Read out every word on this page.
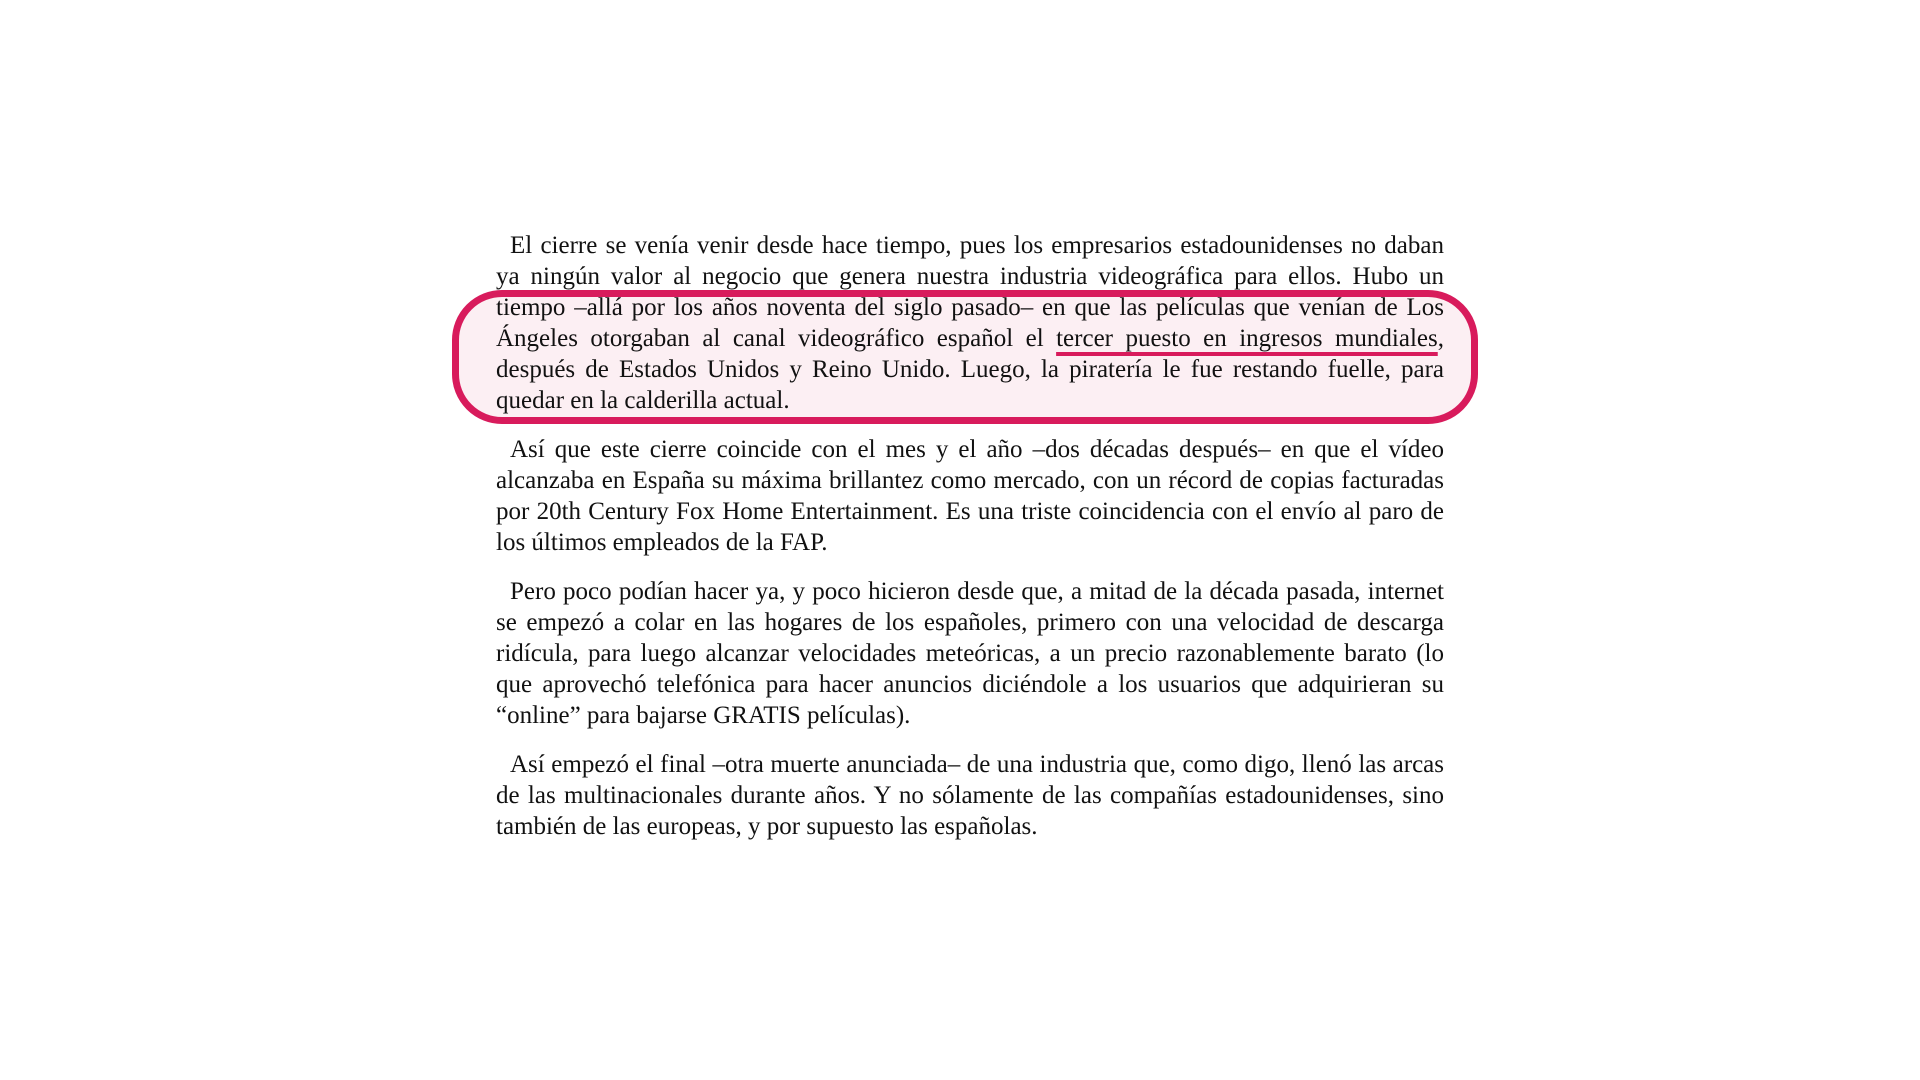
El cierre se venía venir desde hace tiempo, pues los empresarios estadounidenses no daban ya ningún valor al negocio que genera nuestra industria videográfica para ellos. Hubo un tiempo –allá por los años noventa del siglo pasado– en que las películas que venían de Los Ángeles otorgaban al canal videográfico español el tercer puesto en ingresos mundiales, después de Estados Unidos y Reino Unido. Luego, la piratería le fue restando fuelle, para quedar en la calderilla actual.

Así que este cierre coincide con el mes y el año –dos décadas después– en que el vídeo alcanzaba en España su máxima brillantez como mercado, con un récord de copias facturadas por 20th Century Fox Home Entertainment. Es una triste coincidencia con el envío al paro de los últimos empleados de la FAP.

Pero poco podían hacer ya, y poco hicieron desde que, a mitad de la década pasada, internet se empezó a colar en las hogares de los españoles, primero con una velocidad de descarga ridícula, para luego alcanzar velocidades meteóricas, a un precio razonablemente barato (lo que aprovechó telefónica para hacer anuncios diciéndole a los usuarios que adquirieran su “online” para bajarse GRATIS películas).

Así empezó el final –otra muerte anunciada– de una industria que, como digo, llenó las arcas de las multinacionales durante años. Y no sólamente de las compañías estadounidenses, sino también de las europeas, y por supuesto las españolas.
